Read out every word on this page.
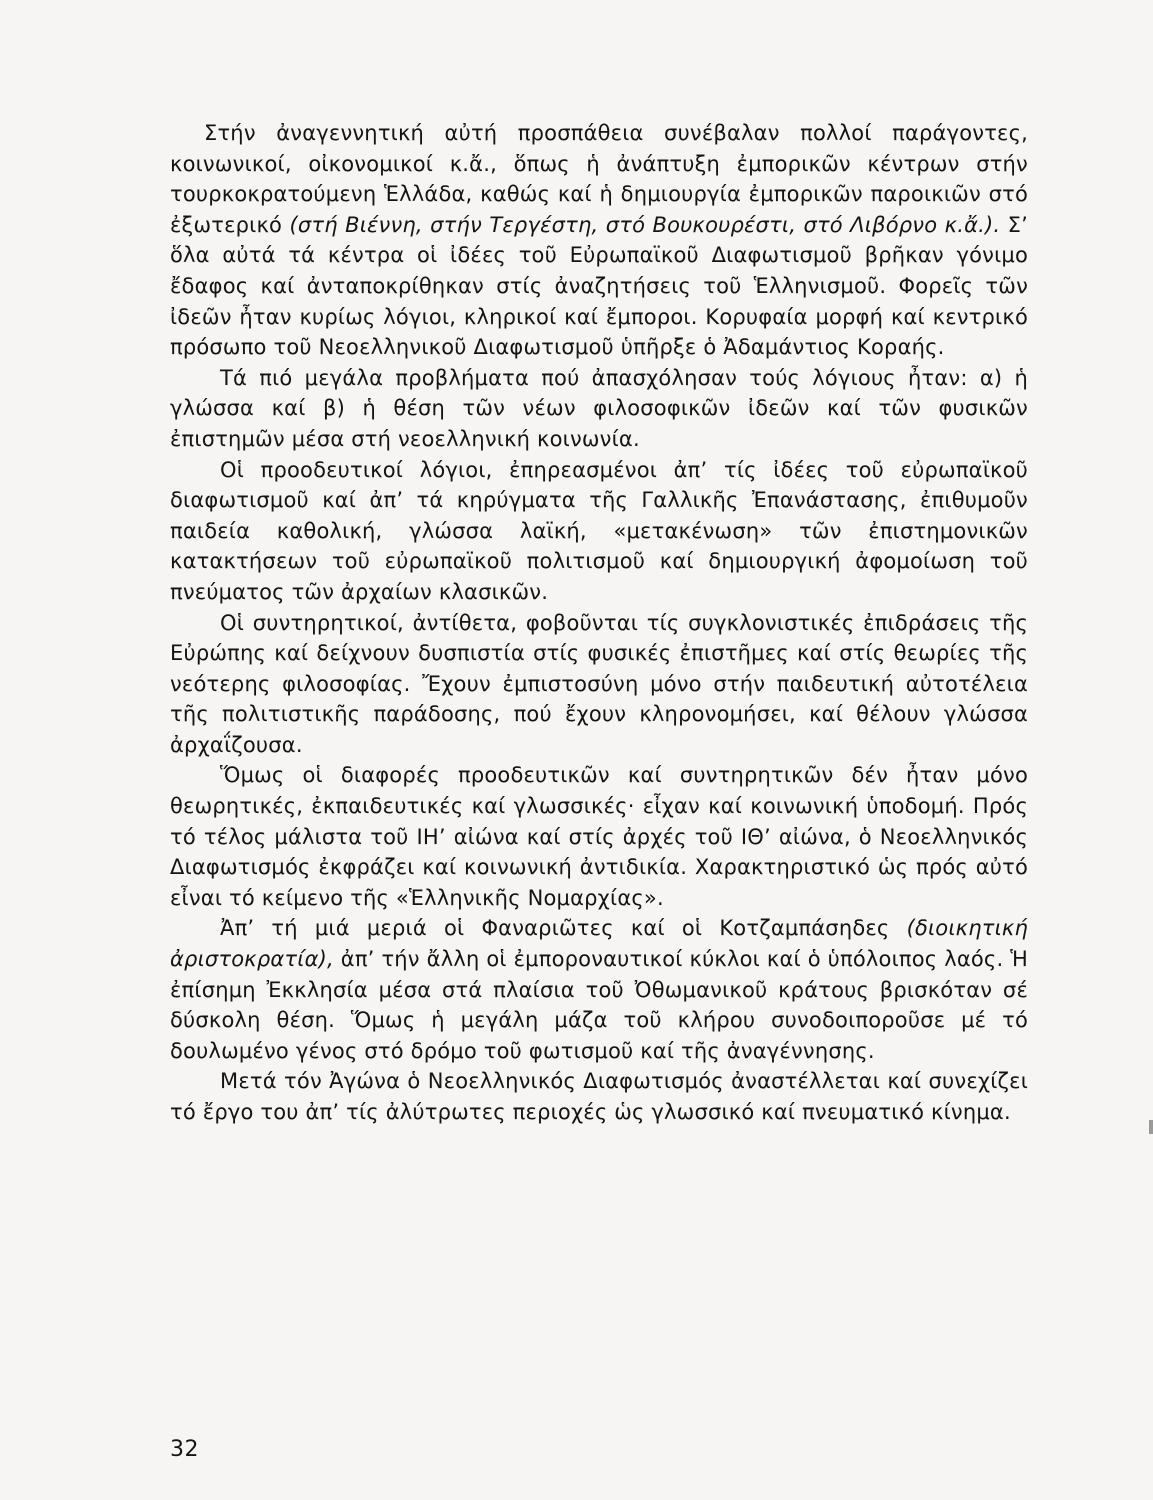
Στήν ἀναγεννητική αὐτή προσπάθεια συνέβαλαν πολλοί παράγοντες, κοινωνικοί, οἰκονομικοί κ.ἄ., ὅπως ἡ ἀνάπτυξη ἐμπορικῶν κέντρων στήν τουρκοκρατούμενη Ἑλλάδα, καθώς καί ἡ δημιουργία ἐμπορικῶν παροικιῶν στό ἐξωτερικό (στή Βιέννη, στήν Τεργέστη, στό Βουκουρέστι, στό Λιβόρνο κ.ἄ.). Σ’ ὅλα αὐτά τά κέντρα οἱ ἰδέες τοῦ Εὐρωπαϊκοῦ Διαφωτισμοῦ βρῆκαν γόνιμο ἔδαφος καί ἀνταποκρίθηκαν στίς ἀναζητήσεις τοῦ Ἑλληνισμοῦ. Φορεῖς τῶν ἰδεῶν ἦταν κυρίως λόγιοι, κληρικοί καί ἔμποροι. Κορυφαία μορφή καί κεντρικό πρόσωπο τοῦ Νεοελληνικοῦ Διαφωτισμοῦ ὑπῆρξε ὁ Ἀδαμάντιος Κοραής.

Τά πιό μεγάλα προβλήματα πού ἀπασχόλησαν τούς λόγιους ἦταν: α) ἡ γλώσσα καί β) ἡ θέση τῶν νέων φιλοσοφικῶν ἰδεῶν καί τῶν φυσικῶν ἐπιστημῶν μέσα στή νεοελληνική κοινωνία.

Οἱ προοδευτικοί λόγιοι, ἐπηρεασμένοι ἀπ’ τίς ἰδέες τοῦ εὐρωπαϊκοῦ διαφωτισμοῦ καί ἀπ’ τά κηρύγματα τῆς Γαλλικῆς Ἐπανάστασης, ἐπιθυμοῦν παιδεία καθολική, γλώσσα λαϊκή, «μετακένωση» τῶν ἐπιστημονικῶν κατακτήσεων τοῦ εὐρωπαϊκοῦ πολιτισμοῦ καί δημιουργική ἀφομοίωση τοῦ πνεύματος τῶν ἀρχαίων κλασικῶν.

Οἱ συντηρητικοί, ἀντίθετα, φοβοῦνται τίς συγκλονιστικές ἐπιδράσεις τῆς Εὐρώπης καί δείχνουν δυσπιστία στίς φυσικές ἐπιστῆμες καί στίς θεωρίες τῆς νεότερης φιλοσοφίας. Ἔχουν ἐμπιστοσύνη μόνο στήν παιδευτική αὐτοτέλεια τῆς πολιτιστικῆς παράδοσης, πού ἔχουν κληρονομήσει, καί θέλουν γλώσσα ἀρχαΐζουσα.

Ὅμως οἱ διαφορές προοδευτικῶν καί συντηρητικῶν δέν ἦταν μόνο θεωρητικές, ἐκπαιδευτικές καί γλωσσικές· εἶχαν καί κοινωνική ὑποδομή. Πρός τό τέλος μάλιστα τοῦ ΙΗ’ αἰώνα καί στίς ἀρχές τοῦ ΙΘ’ αἰώνα, ὁ Νεοελληνικός Διαφωτισμός ἐκφράζει καί κοινωνική ἀντιδικία. Χαρακτηριστικό ὡς πρός αὐτό εἶναι τό κείμενο τῆς «Ἑλληνικῆς Νομαρχίας».

Ἀπ’ τή μιά μεριά οἱ Φαναριῶτες καί οἱ Κοτζαμπάσηδες (διοικητική ἀριστοκρατία), ἀπ’ τήν ἄλλη οἱ ἐμποροναυτικοί κύκλοι καί ὁ ὑπόλοιπος λαός. Ἡ ἐπίσημη Ἐκκλησία μέσα στά πλαίσια τοῦ Ὀθωμανικοῦ κράτους βρισκόταν σέ δύσκολη θέση. Ὅμως ἡ μεγάλη μάζα τοῦ κλήρου συνοδοιποροῦσε μέ τό δουλωμένο γένος στό δρόμο τοῦ φωτισμοῦ καί τῆς ἀναγέννησης.

Μετά τόν Ἀγώνα ὁ Νεοελληνικός Διαφωτισμός ἀναστέλλεται καί συνεχίζει τό ἔργο του ἀπ’ τίς ἀλύτρωτες περιοχές ὡς γλωσσικό καί πνευματικό κίνημα.

32
